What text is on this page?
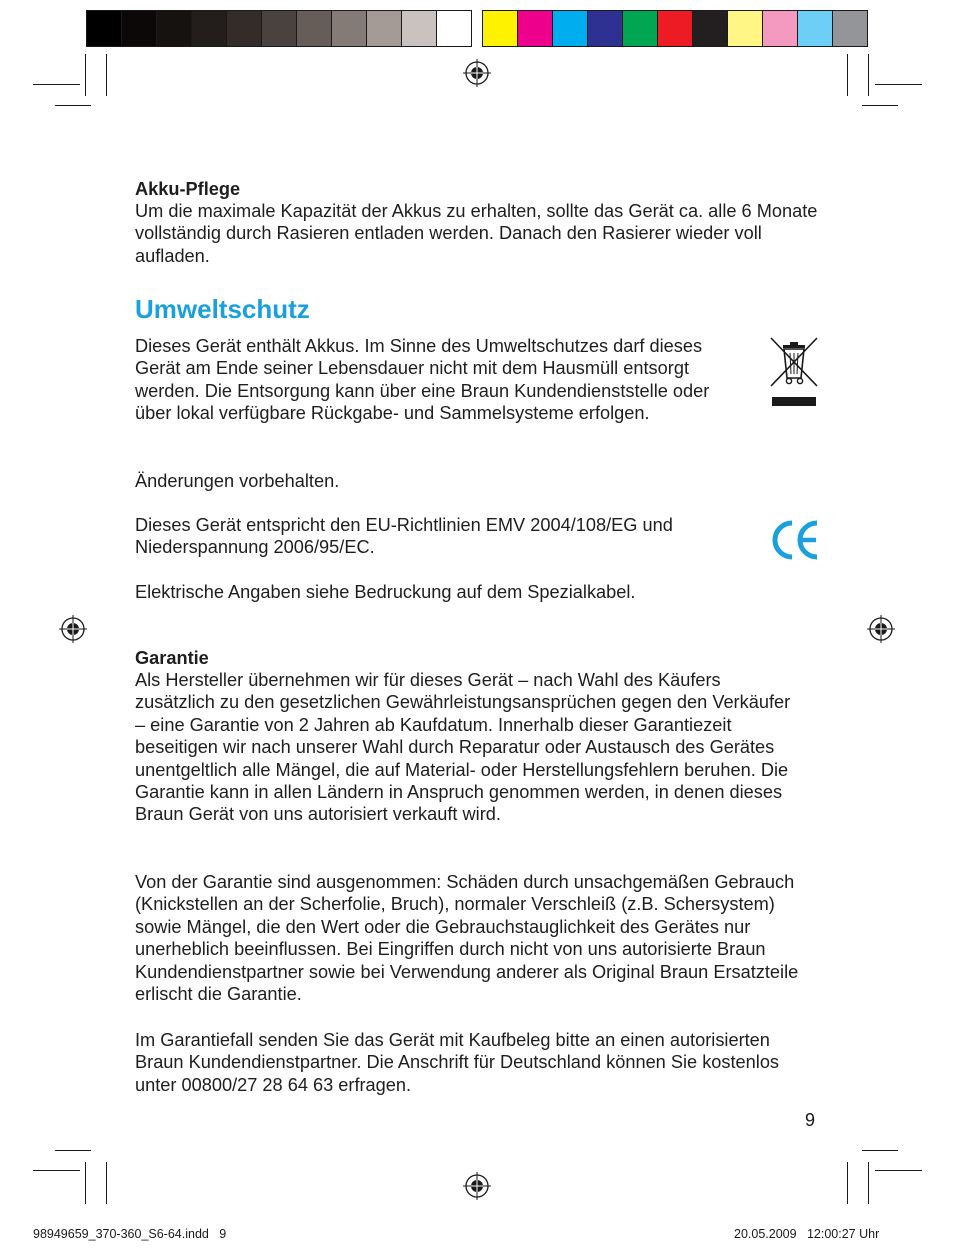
Akku-Pflege
Um die maximale Kapazität der Akkus zu erhalten, sollte das Gerät ca. alle 6 Monate vollständig durch Rasieren entladen werden. Danach den Rasierer wieder voll aufladen.
Umweltschutz
Dieses Gerät enthält Akkus. Im Sinne des Umweltschutzes darf dieses Gerät am Ende seiner Lebensdauer nicht mit dem Hausmüll entsorgt werden. Die Entsorgung kann über eine Braun Kundendienststelle oder über lokal verfügbare Rückgabe- und Sammelsysteme erfolgen.
Änderungen vorbehalten.
Dieses Gerät entspricht den EU-Richtlinien EMV 2004/108/EG und Niederspannung 2006/95/EC.
Elektrische Angaben siehe Bedruckung auf dem Spezialkabel.
Garantie
Als Hersteller übernehmen wir für dieses Gerät – nach Wahl des Käufers zusätzlich zu den gesetzlichen Gewährleistungsansprüchen gegen den Verkäufer – eine Garantie von 2 Jahren ab Kaufdatum. Innerhalb dieser Garantiezeit beseitigen wir nach unserer Wahl durch Reparatur oder Austausch des Gerätes unentgeltlich alle Mängel, die auf Material- oder Herstellungsfehlern beruhen. Die Garantie kann in allen Ländern in Anspruch genommen werden, in denen dieses Braun Gerät von uns autorisiert verkauft wird.
Von der Garantie sind ausgenommen: Schäden durch unsachgemäßen Gebrauch (Knickstellen an der Scherfolie, Bruch), normaler Verschleiß (z.B. Schersystem) sowie Mängel, die den Wert oder die Gebrauchstauglichkeit des Gerätes nur unerheblich beeinflussen. Bei Eingriffen durch nicht von uns autorisierte Braun Kundendienstpartner sowie bei Verwendung anderer als Original Braun Ersatzteile erlischt die Garantie.
Im Garantiefall senden Sie das Gerät mit Kaufbeleg bitte an einen autorisierten Braun Kundendienstpartner. Die Anschrift für Deutschland können Sie kostenlos unter 00800/27 28 64 63 erfragen.
9
98949659_370-360_S6-64.indd   9	20.05.2009   12:00:27 Uhr
